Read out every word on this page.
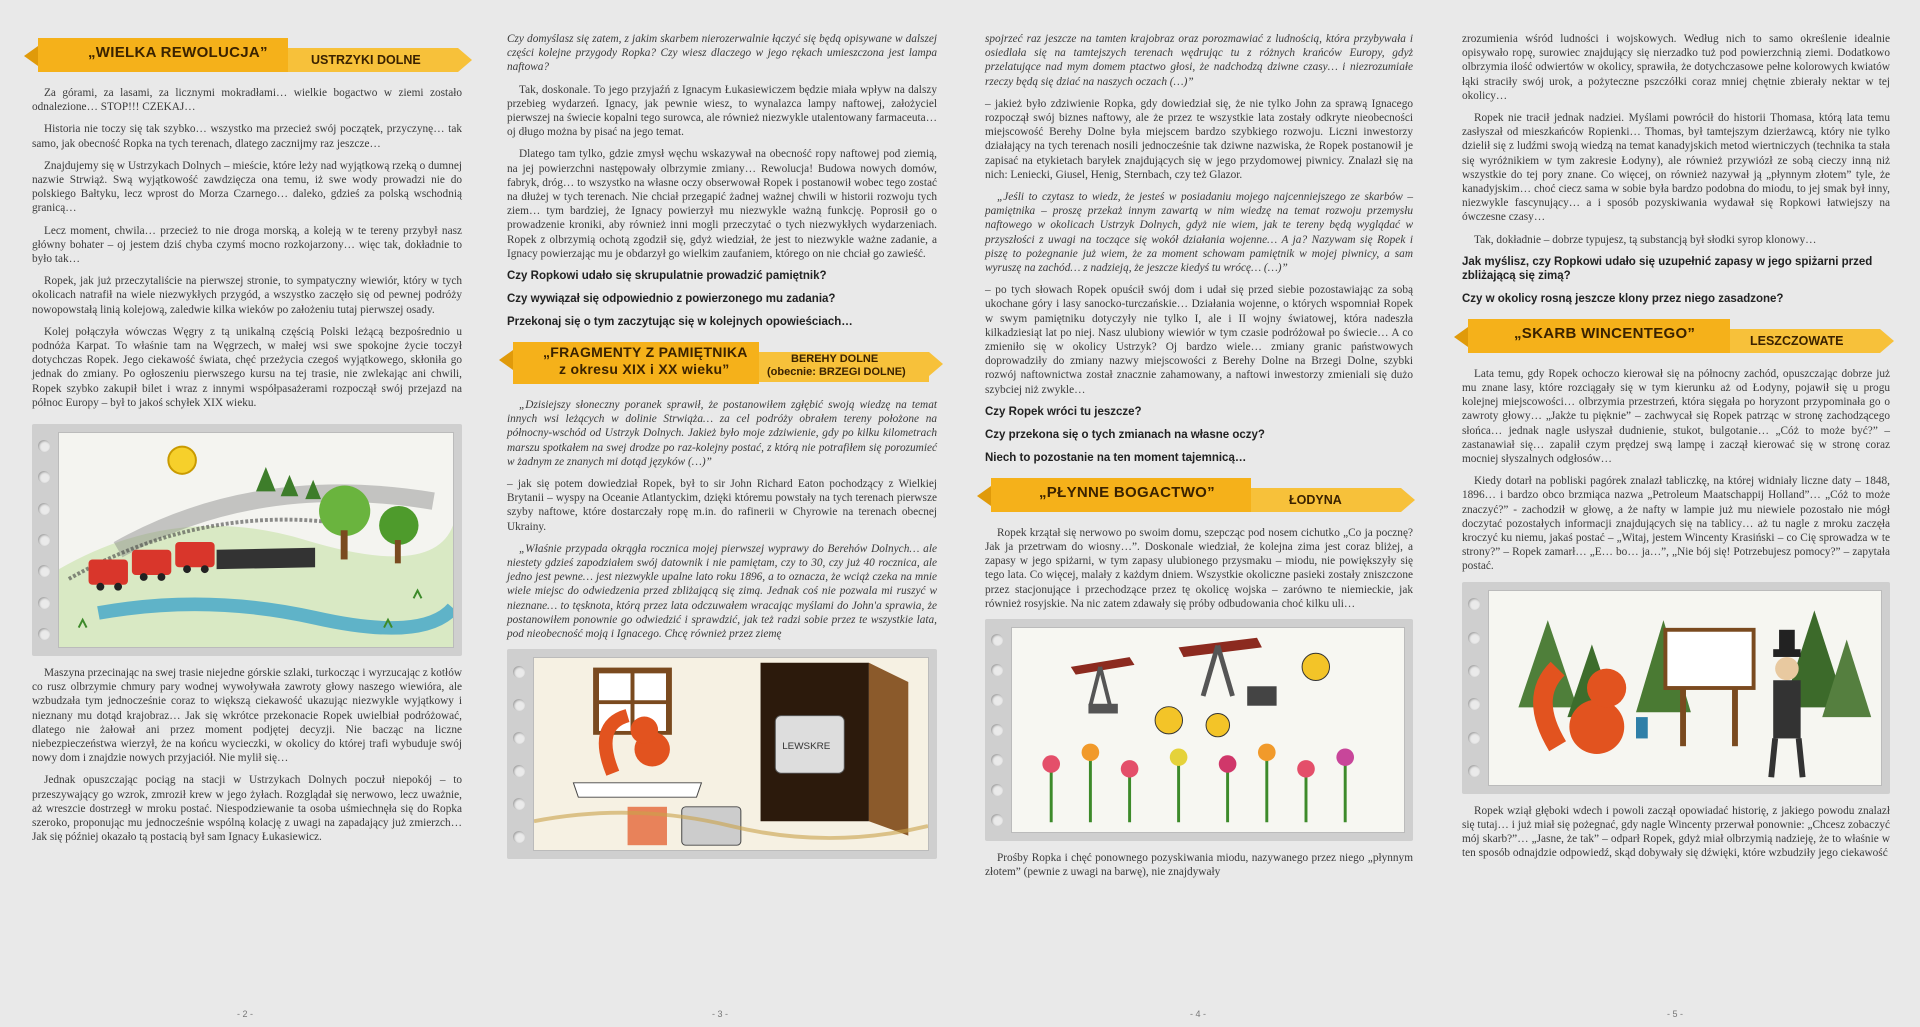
„WIELKA REWOLUCJA”	USTRZYKI DOLNE

Za górami, za lasami, za licznymi mokradłami… wielkie bogactwo w ziemi zostało odnalezione… STOP!!! CZEKAJ…

Historia nie toczy się tak szybko… wszystko ma przecież swój początek, przyczynę… tak samo, jak obecność Ropka na tych terenach, dlatego zacznijmy raz jeszcze…

Znajdujemy się w Ustrzykach Dolnych – mieście, które leży nad wyjątkową rzeką o dumnej nazwie Strwiąż. Swą wyjątkowość zawdzięcza ona temu, iż swe wody prowadzi nie do polskiego Bałtyku, lecz wprost do Morza Czarnego… daleko, gdzieś za polską wschodnią granicą…

Lecz moment, chwila… przecież to nie droga morską, a koleją w te tereny przybył nasz główny bohater – oj jestem dziś chyba czymś mocno rozkojarzony… więc tak, dokładnie to było tak…

Ropek, jak już przeczytaliście na pierwszej stronie, to sympatyczny wiewiór, który w tych okolicach natrafił na wiele niezwykłych przygód, a wszystko zaczęło się od pewnej podróży nowopowstałą linią kolejową, zaledwie kilka wieków po założeniu tutaj pierwszej osady.

Kolej połączyła wówczas Węgry z tą unikalną częścią Polski leżącą bezpośrednio u podnóża Karpat. To właśnie tam na Węgrzech, w małej wsi swe spokojne życie toczył dotychczas Ropek. Jego ciekawość świata, chęć przeżycia czegoś wyjątkowego, skłoniła go jednak do zmiany. Po ogłoszeniu pierwszego kursu na tej trasie, nie zwlekając ani chwili, Ropek szybko zakupił bilet i wraz z innymi współpasażerami rozpoczął swój przejazd na północ Europy – był to jakoś schyłek XIX wieku.

Maszyna przecinając na swej trasie niejedne górskie szlaki, turkocząc i wyrzucając z kotłów co rusz olbrzymie chmury pary wodnej wywoływała zawroty głowy naszego wiewióra, ale wzbudzała tym jednocześnie coraz to większą ciekawość ukazując niezwykle wyjątkowy i nieznany mu dotąd krajobraz… Jak się wkrótce przekonacie Ropek uwielbiał podróżować, dlatego nie żałował ani przez moment podjętej decyzji. Nie bacząc na liczne niebezpieczeństwa wierzył, że na końcu wycieczki, w okolicy do której trafi wybuduje swój nowy dom i znajdzie nowych przyjaciół. Nie mylił się…

Jednak opuszczając pociąg na stacji w Ustrzykach Dolnych poczuł niepokój – to przeszywający go wzrok, zmroził krew w jego żyłach. Rozglądał się nerwowo, lecz uważnie, aż wreszcie dostrzegł w mroku postać. Niespodziewanie ta osoba uśmiechnęła się do Ropka szeroko, proponując mu jednocześnie wspólną kolację z uwagi na zapadający już zmierzch… Jak się później okazało tą postacią był sam Ignacy Łukasiewicz.

- 2 -

Czy domyślasz się zatem, z jakim skarbem nierozerwalnie łączyć się będą opisywane w dalszej części kolejne przygody Ropka? Czy wiesz dlaczego w jego rękach umieszczona jest lampa naftowa?

Tak, doskonale. To jego przyjaźń z Ignacym Łukasiewiczem będzie miała wpływ na dalszy przebieg wydarzeń. Ignacy, jak pewnie wiesz, to wynalazca lampy naftowej, założyciel pierwszej na świecie kopalni tego surowca, ale również niezwykle utalentowany farmaceuta… oj długo można by pisać na jego temat.

Dlatego tam tylko, gdzie zmysł węchu wskazywał na obecność ropy naftowej pod ziemią, na jej powierzchni następowały olbrzymie zmiany… Rewolucja! Budowa nowych domów, fabryk, dróg… to wszystko na własne oczy obserwował Ropek i postanowił wobec tego zostać na dłużej w tych terenach. Nie chciał przegapić żadnej ważnej chwili w historii rozwoju tych ziem… tym bardziej, że Ignacy powierzył mu niezwykle ważną funkcję. Poprosił go o prowadzenie kroniki, aby również inni mogli przeczytać o tych niezwykłych wydarzeniach. Ropek z olbrzymią ochotą zgodził się, gdyż wiedział, że jest to niezwykle ważne zadanie, a Ignacy powierzając mu je obdarzył go wielkim zaufaniem, którego on nie chciał go zawieść.

Czy Ropkowi udało się skrupulatnie prowadzić pamiętnik?

Czy wywiązał się odpowiednio z powierzonego mu zadania?

Przekonaj się o tym zaczytując się w kolejnych opowieściach…

„FRAGMENTY Z PAMIĘTNIKA
z okresu XIX i XX wieku”
BEREHY DOLNE
(obecnie: BRZEGI DOLNE)

„Dzisiejszy słoneczny poranek sprawił, że postanowiłem zgłębić swoją wiedzę na temat innych wsi leżących w dolinie Strwiąża… za cel podróży obrałem tereny położone na północny-wschód od Ustrzyk Dolnych. Jakież było moje zdziwienie, gdy po kilku kilometrach marszu spotkałem na swej drodze po raz-kolejny postać, z którą nie potrafiłem się porozumieć w żadnym ze znanych mi dotąd języków (…)”

– jak się potem dowiedział Ropek, był to sir John Richard Eaton pochodzący z Wielkiej Brytanii – wyspy na Oceanie Atlantyckim, dzięki któremu powstały na tych terenach pierwsze szyby naftowe, które dostarczały ropę m.in. do rafinerii w Chyrowie na terenach obecnej Ukrainy.

„Właśnie przypada okrągła rocznica mojej pierwszej wyprawy do Berehów Dolnych… ale niestety gdzieś zapodziałem swój datownik i nie pamiętam, czy to 30, czy już 40 rocznica, ale jedno jest pewne… jest niezwykle upalne lato roku 1896, a to oznacza, że wciąż czeka na mnie wiele miejsc do odwiedzenia przed zbliżającą się zimą. Jednak coś nie pozwala mi ruszyć w nieznane… to tęsknota, którą przez lata odczuwałem wracając myślami do John'a sprawia, że postanowiłem ponownie go odwiedzić i sprawdzić, jak też radzi sobie przez te wszystkie lata, pod nieobecność moją i Ignacego. Chcę również przez ziemę

LEWSKRE
- 3 -

spojrzeć raz jeszcze na tamten krajobraz oraz porozmawiać z ludnością, która przybywała i osiedlała się na tamtejszych terenach wędrując tu z różnych krańców Europy, gdyż przelatujące nad mym domem ptactwo głosi, że nadchodzą dziwne czasy… i niezrozumiałe rzeczy będą się dziać na naszych oczach (…)”

– jakież było zdziwienie Ropka, gdy dowiedział się, że nie tylko John za sprawą Ignacego rozpoczął swój biznes naftowy, ale że przez te wszystkie lata zostały odkryte nieobecności miejscowość Berehy Dolne była miejscem bardzo szybkiego rozwoju. Liczni inwestorzy działający na tych terenach nosili jednocześnie tak dziwne nazwiska, że Ropek postanowił je zapisać na etykietach baryłek znajdujących się w jego przydomowej piwnicy. Znalazł się na nich: Leniecki, Giusel, Henig, Sternbach, czy też Glazor.

„Jeśli to czytasz to wiedz, że jesteś w posiadaniu mojego najcenniejszego ze skarbów – pamiętnika – proszę przekaż innym zawartą w nim wiedzę na temat rozwoju przemysłu naftowego w okolicach Ustrzyk Dolnych, gdyż nie wiem, jak te tereny będą wyglądać w przyszłości z uwagi na toczące się wokół działania wojenne… A ja? Nazywam się Ropek i piszę to pożegnanie już wiem, że za moment schowam pamiętnik w mojej piwnicy, a sam wyruszę na zachód… z nadzieją, że jeszcze kiedyś tu wrócę… (…)”

– po tych słowach Ropek opuścił swój dom i udał się przed siebie pozostawiając za sobą ukochane góry i lasy sanocko-turczańskie… Działania wojenne, o których wspomniał Ropek w swym pamiętniku dotyczyły nie tylko I, ale i II wojny światowej, która nadeszła kilkadziesiąt lat po niej. Nasz ulubiony wiewiór w tym czasie podróżował po świecie… A co zmieniło się w okolicy Ustrzyk? Oj bardzo wiele… zmiany granic państwowych doprowadziły do zmiany nazwy miejscowości z Berehy Dolne na Brzegi Dolne, szybki rozwój naftownictwa został znacznie zahamowany, a naftowi inwestorzy zmieniali się dużo szybciej niż zwykle…

Czy Ropek wróci tu jeszcze?

Czy przekona się o tych zmianach na własne oczy?

Niech to pozostanie na ten moment tajemnicą…

„PŁYNNE BOGACTWO”	ŁODYNA

Ropek krzątał się nerwowo po swoim domu, szepcząc pod nosem cichutko „Co ja pocznę? Jak ja przetrwam do wiosny…”. Doskonale wiedział, że kolejna zima jest coraz bliżej, a zapasy w jego spiżarni, w tym zapasy ulubionego przysmaku – miodu, nie powiększyły się tego lata. Co więcej, malały z każdym dniem. Wszystkie okoliczne pasieki zostały zniszczone przez stacjonujące i przechodzące przez tę okolicę wojska – zarówno te niemieckie, jak również rosyjskie. Na nic zatem zdawały się próby odbudowania choć kilku uli…

Prośby Ropka i chęć ponownego pozyskiwania miodu, nazywanego przez niego „płynnym złotem” (pewnie z uwagi na barwę), nie znajdywały

- 4 -

zrozumienia wśród ludności i wojskowych. Według nich to samo określenie idealnie opisywało ropę, surowiec znajdujący się nierzadko tuż pod powierzchnią ziemi. Dodatkowo olbrzymia ilość odwiertów w okolicy, sprawiła, że dotychczasowe pełne kolorowych kwiatów łąki straciły swój urok, a pożyteczne pszczółki coraz mniej chętnie zbierały nektar w tej okolicy…

Ropek nie tracił jednak nadziei. Myślami powrócił do historii Thomasa, którą lata temu zasłyszał od mieszkańców Ropienki… Thomas, był tamtejszym dzierżawcą, który nie tylko dzielił się z ludźmi swoją wiedzą na temat kanadyjskich metod wiertniczych (technika ta stała się wyróżnikiem w tym zakresie Łodyny), ale również przywiózł ze sobą cieczy inną niż wszystkie do tej pory znane. Co więcej, on również nazywał ją „płynnym złotem” tyle, że kanadyjskim… choć ciecz sama w sobie była bardzo podobna do miodu, to jej smak był inny, niezwykle fascynujący… a i sposób pozyskiwania wydawał się Ropkowi łatwiejszy na ówczesne czasy…

Tak, dokładnie – dobrze typujesz, tą substancją był słodki syrop klonowy…

Jak myślisz, czy Ropkowi udało się uzupełnić zapasy w jego spiżarni przed zbliżającą się zimą?

Czy w okolicy rosną jeszcze klony przez niego zasadzone?

„SKARB WINCENTEGO”	LESZCZOWATE

Lata temu, gdy Ropek ochoczo kierował się na północny zachód, opuszczając dobrze już mu znane lasy, które rozciągały się w tym kierunku aż od Łodyny, pojawił się u progu kolejnej miejscowości… olbrzymia przestrzeń, która sięgała po horyzont przypominała go o zawroty głowy… „Jakże tu pięknie” – zachwycał się Ropek patrząc w stronę zachodzącego słońca… jednak nagle usłyszał dudnienie, stukot, bulgotanie… „Cóż to może być?” – zastanawiał się… zapalił czym prędzej swą lampę i zaczął kierować się w stronę coraz mocniej słyszalnych odgłosów…

Kiedy dotarł na pobliski pagórek znalazł tabliczkę, na której widniały liczne daty – 1848, 1896… i bardzo obco brzmiąca nazwa „Petroleum Maatschappij Holland”… „Cóż to może znaczyć?” - zachodził w głowę, a że nafty w lampie już mu niewiele pozostało nie mógł doczytać pozostałych informacji znajdujących się na tablicy… aż tu nagle z mroku zaczęła kroczyć ku niemu, jakaś postać – „Witaj, jestem Wincenty Krasiński – co Cię sprowadza w te strony?” – Ropek zamarł… „E… bo… ja…”, „Nie bój się! Potrzebujesz pomocy?” – zapytała postać.

Ropek wziął głęboki wdech i powoli zaczął opowiadać historię, z jakiego powodu znalazł się tutaj… i już miał się pożegnać, gdy nagle Wincenty przerwał ponownie: „Chcesz zobaczyć mój skarb?”… „Jasne, że tak” – odparł Ropek, gdyż miał olbrzymią nadzieję, że to właśnie w ten sposób odnajdzie odpowiedź, skąd dobywały się dźwięki, które wzbudziły jego ciekawość

- 5 -
